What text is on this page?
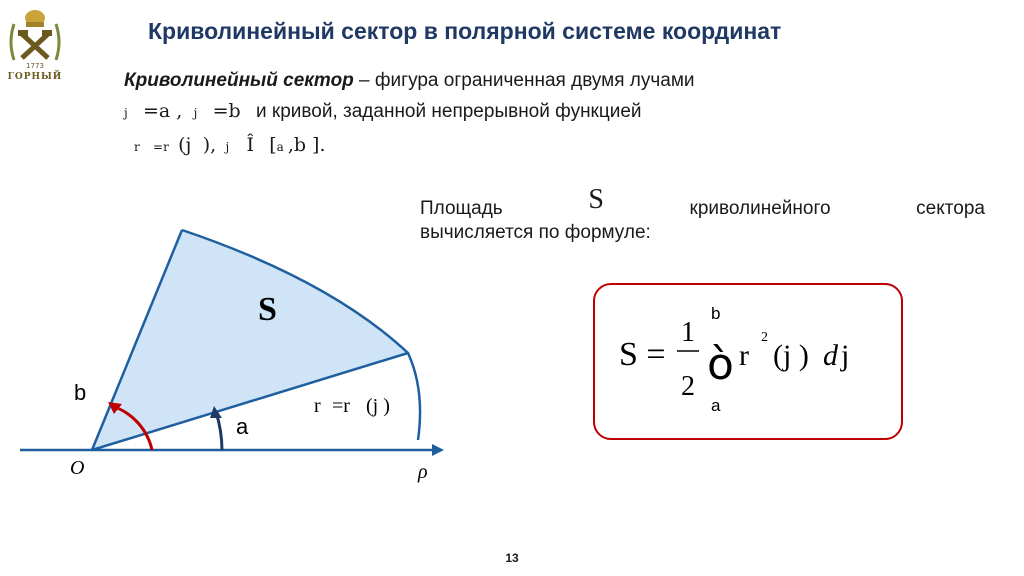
1773
ГОРНЫЙ
Криволинейный сектор в полярной системе координат
Криволинейный сектор – фигура ограниченная двумя лучами
j =a , j =b и кривой, заданной непрерывной функцией
r =r (j ), j Î [a ,b ].
Площадь	S	криволинейного	сектора
вычисляется по формуле:
S =
1
2 ò
b
a
r
2
(j ) d j
S
b
a
O	ρ
r =r (j )
13
